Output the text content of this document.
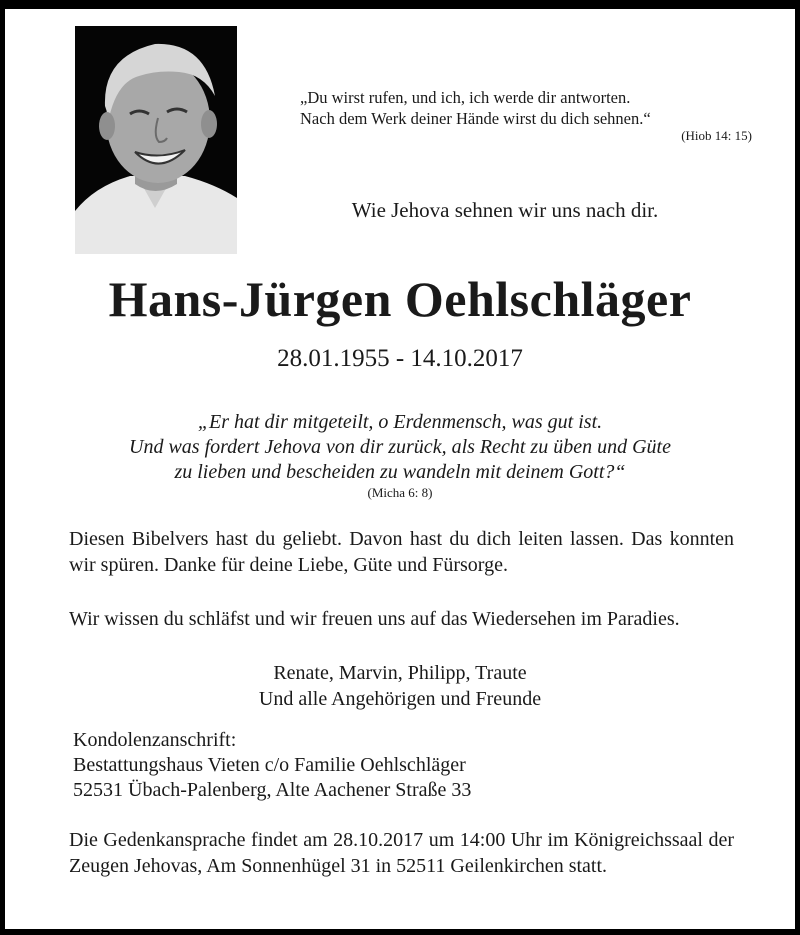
„Du wirst rufen, und ich, ich werde dir antworten.
Nach dem Werk deiner Hände wirst du dich sehnen.“
(Hiob 14: 15)
Wie Jehova sehnen wir uns nach dir.
Hans-Jürgen Oehlschläger
28.01.1955 - 14.10.2017
„Er hat dir mitgeteilt, o Erdenmensch, was gut ist.
Und was fordert Jehova von dir zurück, als Recht zu üben und Güte
zu lieben und bescheiden zu wandeln mit deinem Gott?“
(Micha 6: 8)
Diesen Bibelvers hast du geliebt. Davon hast du dich leiten lassen. Das konnten wir spüren. Danke für deine Liebe, Güte und Fürsorge.
Wir wissen du schläfst und wir freuen uns auf das Wiedersehen im Paradies.
Renate, Marvin, Philipp, Traute
Und alle Angehörigen und Freunde
Kondolenzanschrift:
Bestattungshaus Vieten c/o Familie Oehlschläger
52531 Übach-Palenberg, Alte Aachener Straße 33
Die Gedenkansprache findet am 28.10.2017 um 14:00 Uhr im Königreichssaal der Zeugen Jehovas, Am Sonnenhügel 31 in 52511 Geilenkirchen statt.
